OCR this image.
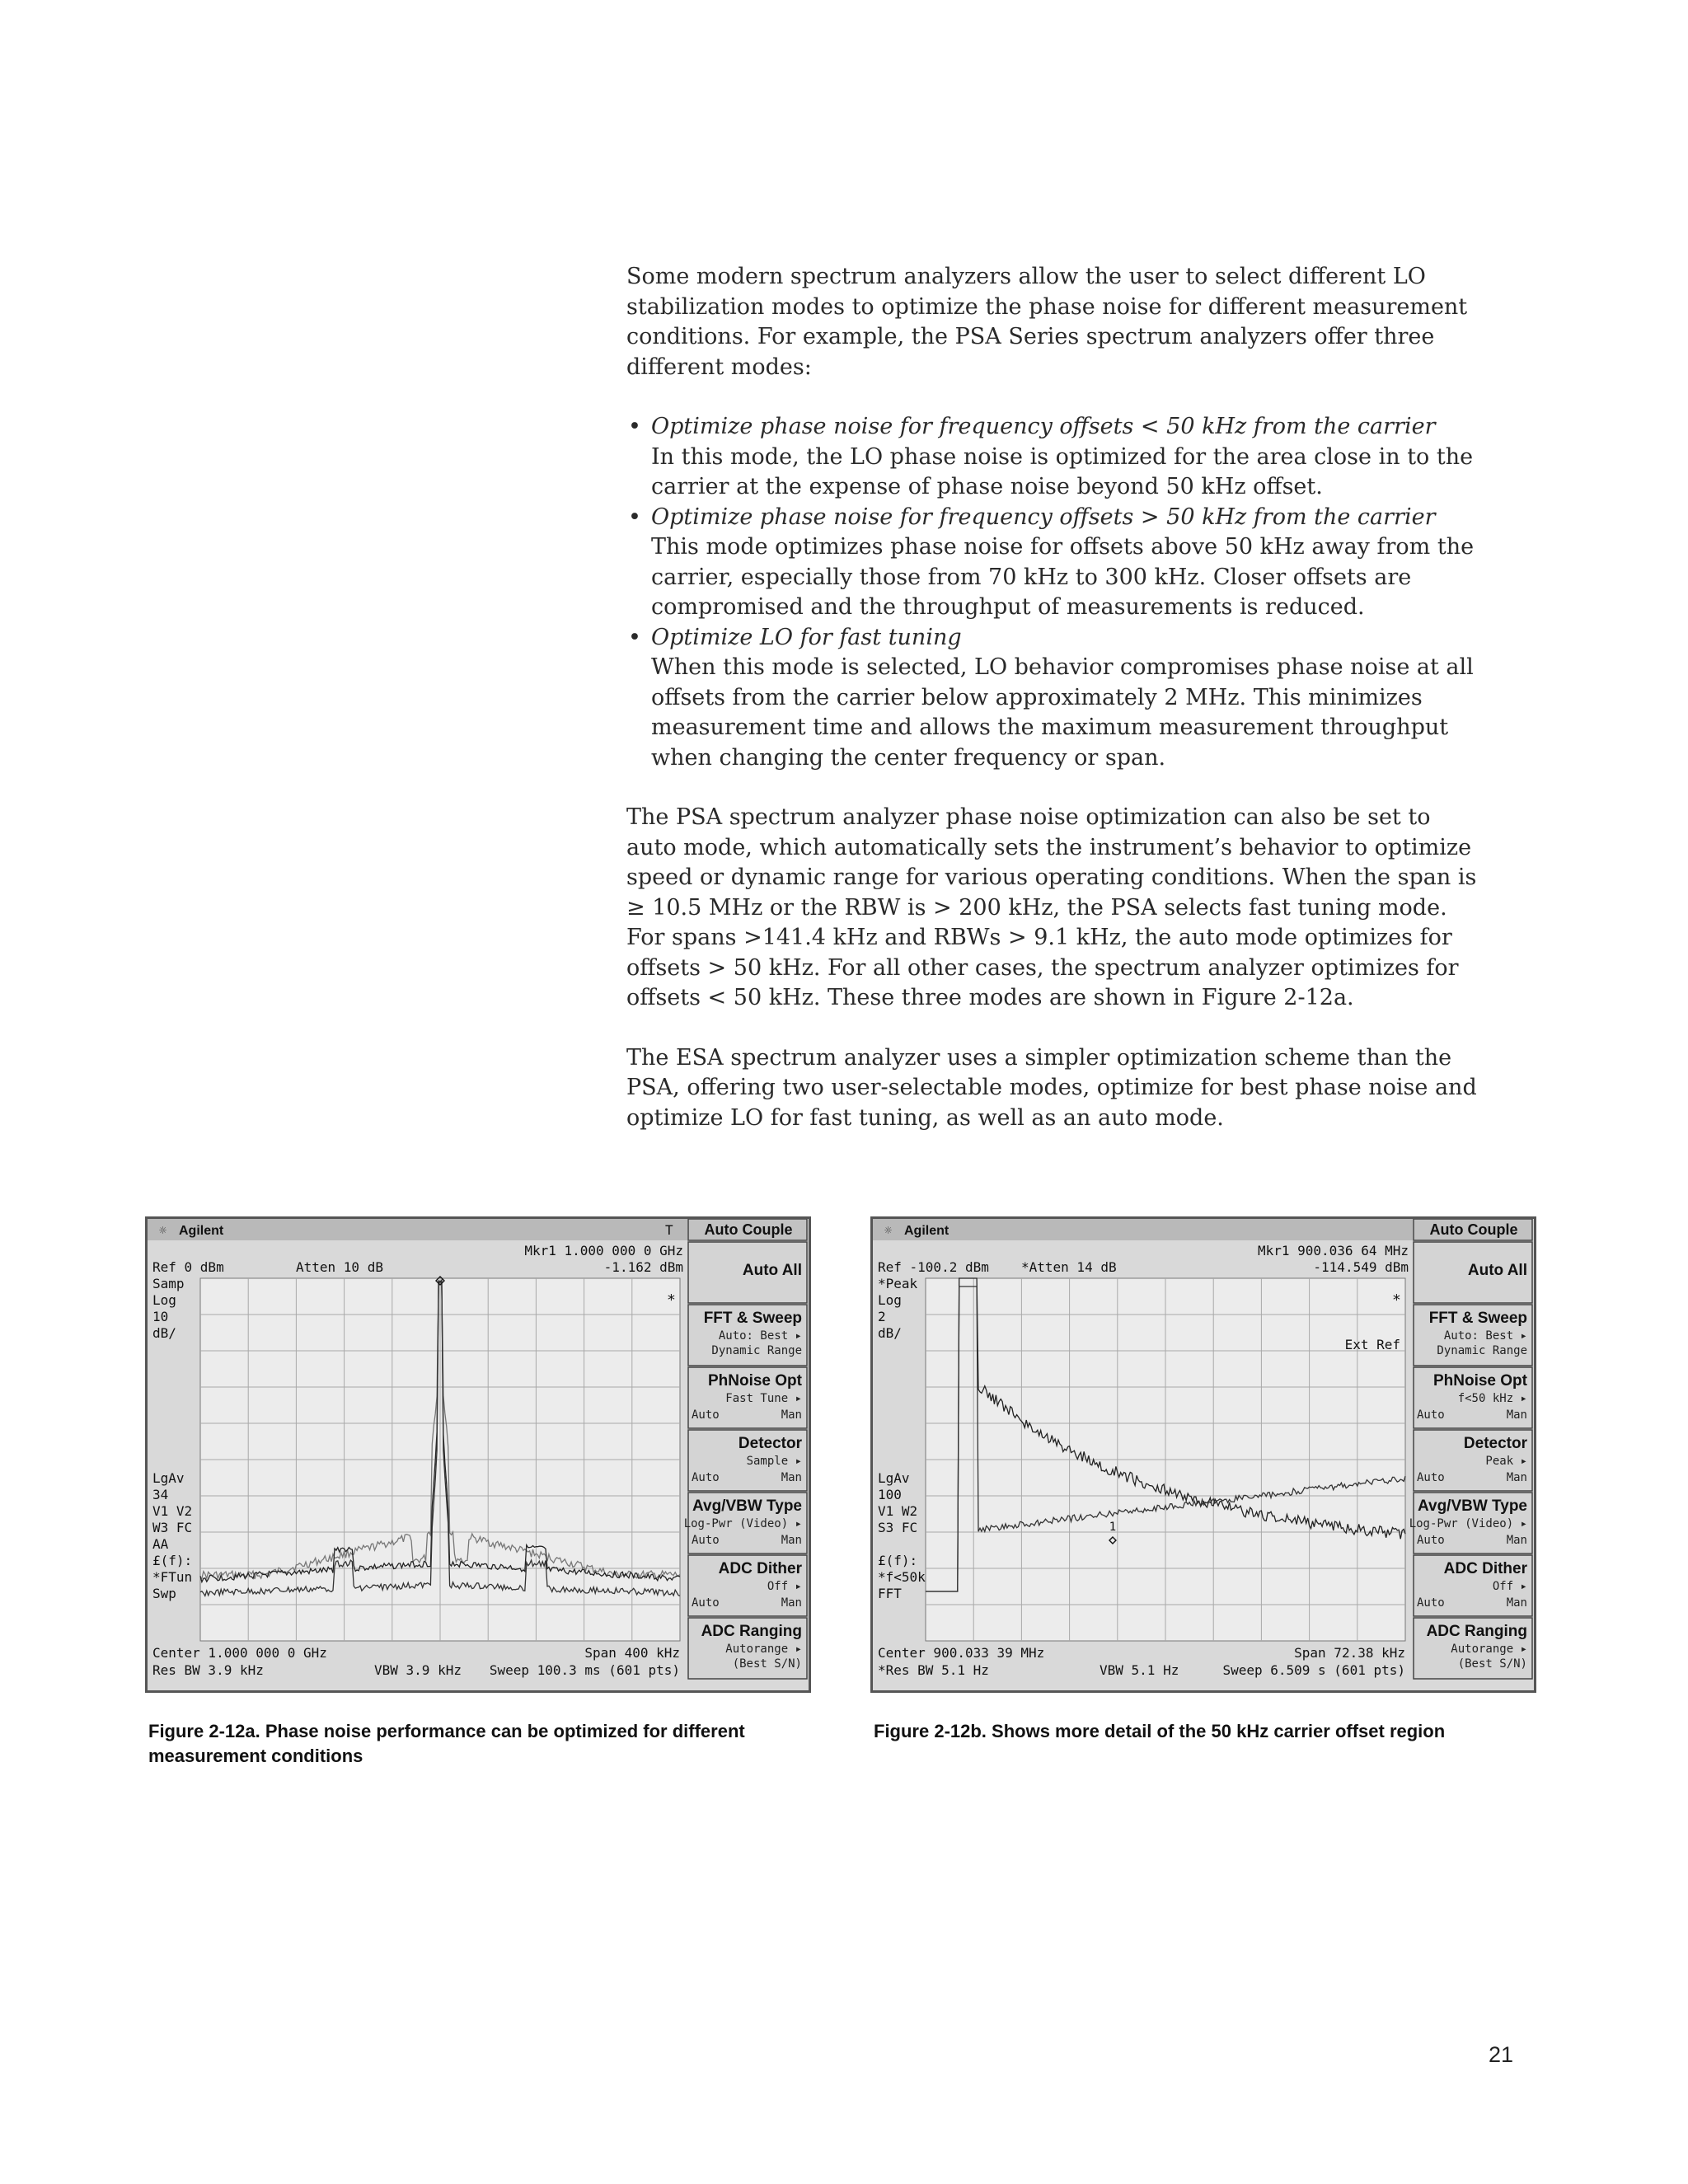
Some modern spectrum analyzers allow the user to select different LO stabilization modes to optimize the phase noise for different measurement conditions. For example, the PSA Series spectrum analyzers offer three different modes:

• Optimize phase noise for frequency offsets < 50 kHz from the carrier
In this mode, the LO phase noise is optimized for the area close in to the carrier at the expense of phase noise beyond 50 kHz offset.
• Optimize phase noise for frequency offsets > 50 kHz from the carrier
This mode optimizes phase noise for offsets above 50 kHz away from the carrier, especially those from 70 kHz to 300 kHz. Closer offsets are compromised and the throughput of measurements is reduced.
• Optimize LO for fast tuning
When this mode is selected, LO behavior compromises phase noise at all offsets from the carrier below approximately 2 MHz. This minimizes measurement time and allows the maximum measurement throughput when changing the center frequency or span.

The PSA spectrum analyzer phase noise optimization can also be set to auto mode, which automatically sets the instrument’s behavior to optimize speed or dynamic range for various operating conditions. When the span is ≥ 10.5 MHz or the RBW is > 200 kHz, the PSA selects fast tuning mode. For spans >141.4 kHz and RBWs > 9.1 kHz, the auto mode optimizes for offsets > 50 kHz. For all other cases, the spectrum analyzer optimizes for offsets < 50 kHz. These three modes are shown in Figure 2-12a.

The ESA spectrum analyzer uses a simpler optimization scheme than the PSA, offering two user-selectable modes, optimize for best phase noise and optimize LO for fast tuning, as well as an auto mode.

☼ Agilent	T
Mkr1 1.000 000 0 GHz
-1.162 dBm
Ref 0 dBm	Atten 10 dB
Samp
Log
10
dB/
LgAv
34
V1 V2
W3 FC
AA
£(f):
*FTun
Swp
*
Center 1.000 000 0 GHz	Span 400 kHz
Res BW 3.9 kHz	VBW 3.9 kHz Sweep 100.3 ms (601 pts)
Auto Couple
Auto All
FFT & Sweep
Auto: Best ▸
Dynamic Range
PhNoise Opt
Fast Tune ▸
Auto	Man
Detector
Sample ▸
Auto	Man
Avg/VBW Type
Log-Pwr (Video) ▸
Auto	Man
ADC Dither
Off ▸
Auto	Man
ADC Ranging
Autorange ▸
(Best S/N)
Figure 2-12a. Phase noise performance can be optimized for different measurement conditions
☼ Agilent
Mkr1 900.036 64 MHz
-114.549 dBm
Ref -100.2 dBm *Atten 14 dB
*Peak
Log
2
dB/
LgAv
100
V1 W2
S3 FC
£(f):
*f<50k
FFT
*
Ext Ref
1
Center 900.033 39 MHz	Span 72.38 kHz
*Res BW 5.1 Hz	VBW 5.1 Hz	Sweep 6.509 s (601 pts)
Auto Couple
Auto All
FFT & Sweep
Auto: Best ▸
Dynamic Range
PhNoise Opt
f<50 kHz ▸
Auto	Man
Detector
Peak ▸
Auto	Man
Avg/VBW Type
Log-Pwr (Video) ▸
Auto	Man
ADC Dither
Off ▸
Auto	Man
ADC Ranging
Autorange ▸
(Best S/N)
Figure 2-12b. Shows more detail of the 50 kHz carrier offset region
21
